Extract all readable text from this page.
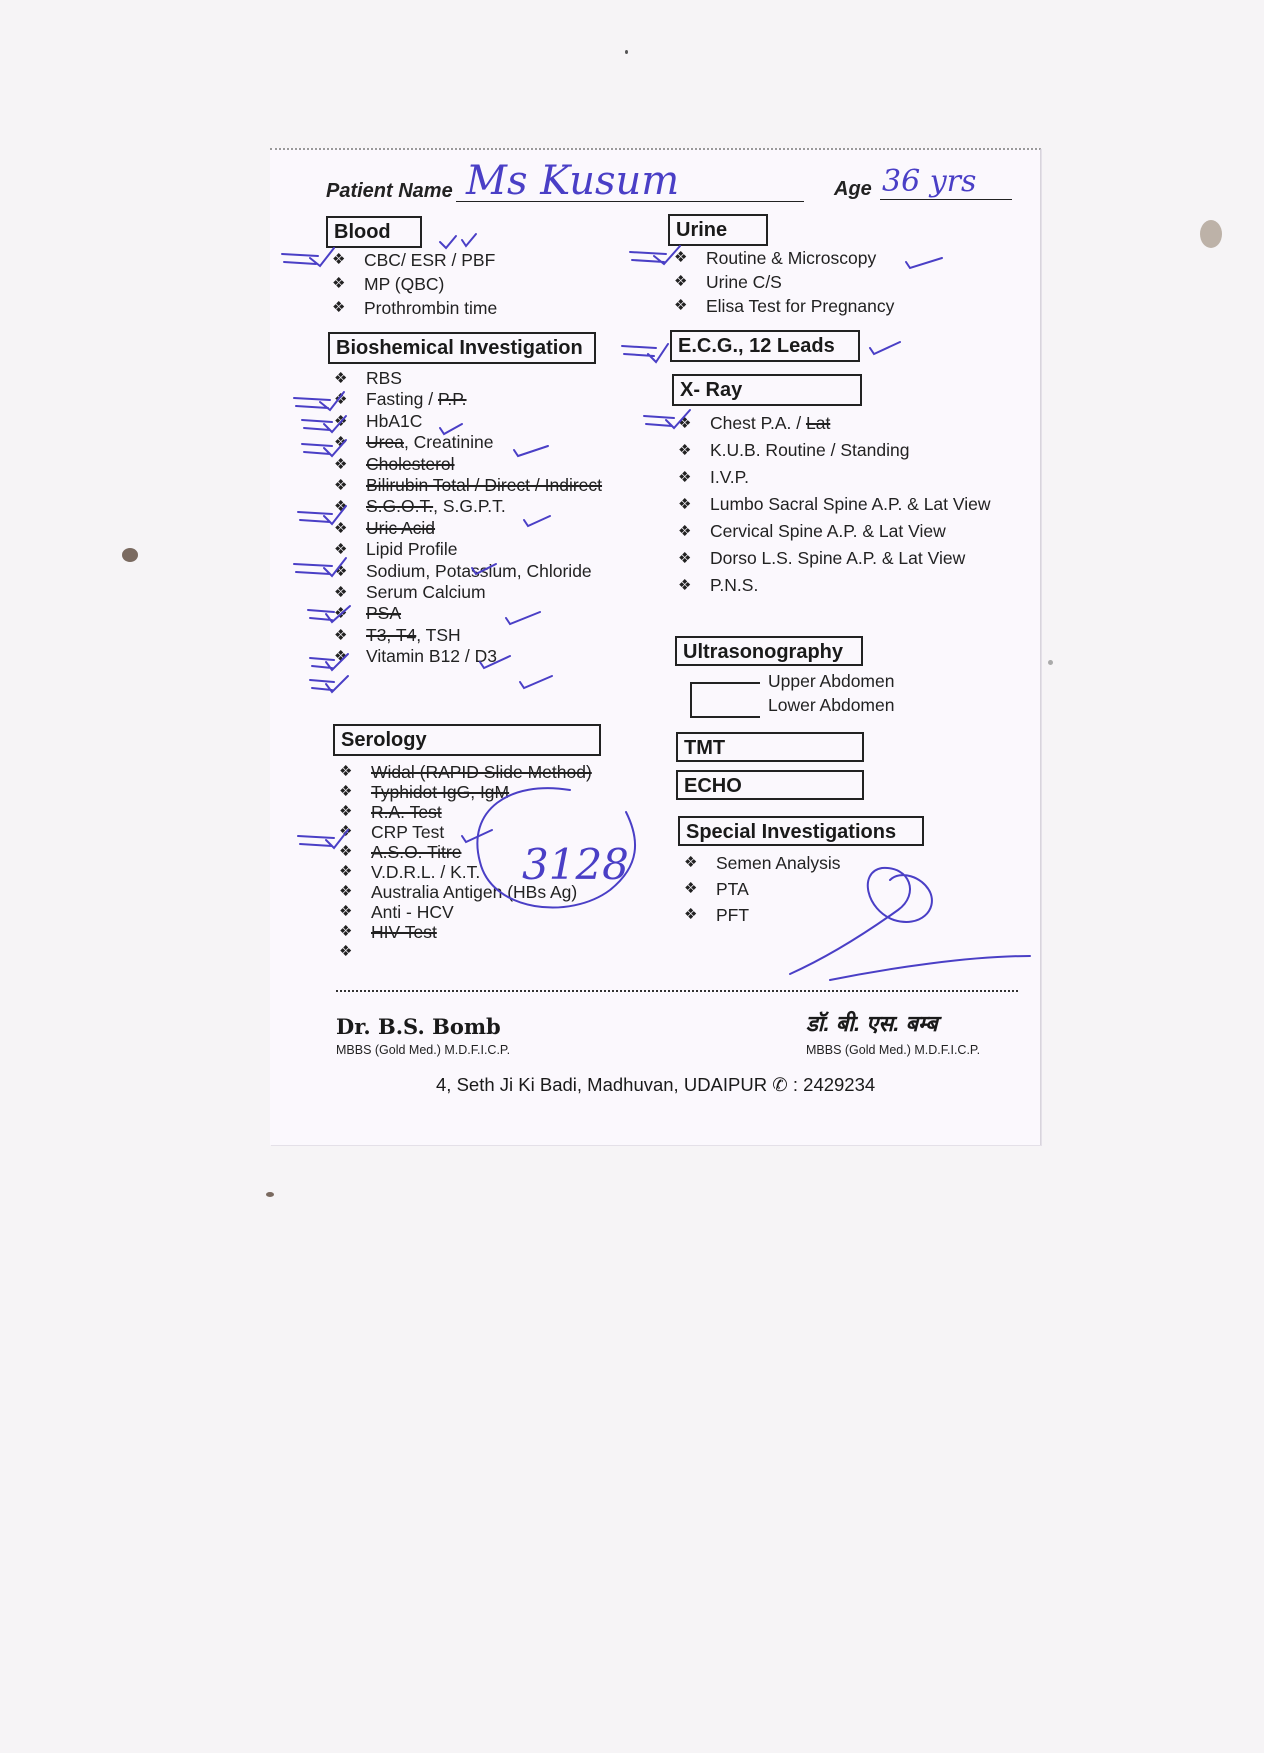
Patient Name Ms Kusum	Age 36 yrs
Blood
❖ CBC/ ESR / PBF
❖ MP (QBC)
❖ Prothrombin time
Bioshemical Investigation
❖ RBS
❖ Fasting / P.P.
❖ HbA1C
❖ Urea, Creatinine
❖ Cholesterol
❖ Bilirubin Total / Direct / Indirect
❖ S.G.O.T., S.G.P.T.
❖ Uric Acid
❖ Lipid Profile
❖ Sodium, Potassium, Chloride
❖ Serum Calcium
❖ PSA
❖ T3, T4, TSH
❖ Vitamin B12 / D3
Serology
❖ Widal (RAPID Slide Method)
❖ Typhidot IgG, IgM
❖ R.A. Test
❖ CRP Test
❖ A.S.O. Titre
❖ V.D.R.L. / K.T.
❖ Australia Antigen (HBs Ag)
❖ Anti - HCV
❖ HIV Test
❖
Urine
❖ Routine & Microscopy
❖ Urine C/S
❖ Elisa Test for Pregnancy
E.C.G., 12 Leads
X- Ray
❖ Chest P.A. / Lat
❖ K.U.B. Routine / Standing
❖ I.V.P.
❖ Lumbo Sacral Spine A.P. & Lat View
❖ Cervical Spine A.P. & Lat View
❖ Dorso L.S. Spine A.P. & Lat View
❖ P.N.S.
Ultrasonography
Upper Abdomen
Lower Abdomen
TMT
ECHO
Special Investigations
❖ Semen Analysis
❖ PTA
❖ PFT
3128
Dr. B.S. Bomb
MBBS (Gold Med.) M.D.F.I.C.P.
डॉ. बी. एस. बम्ब
MBBS (Gold Med.) M.D.F.I.C.P.
4, Seth Ji Ki Badi, Madhuvan, UDAIPUR ✆ : 2429234
